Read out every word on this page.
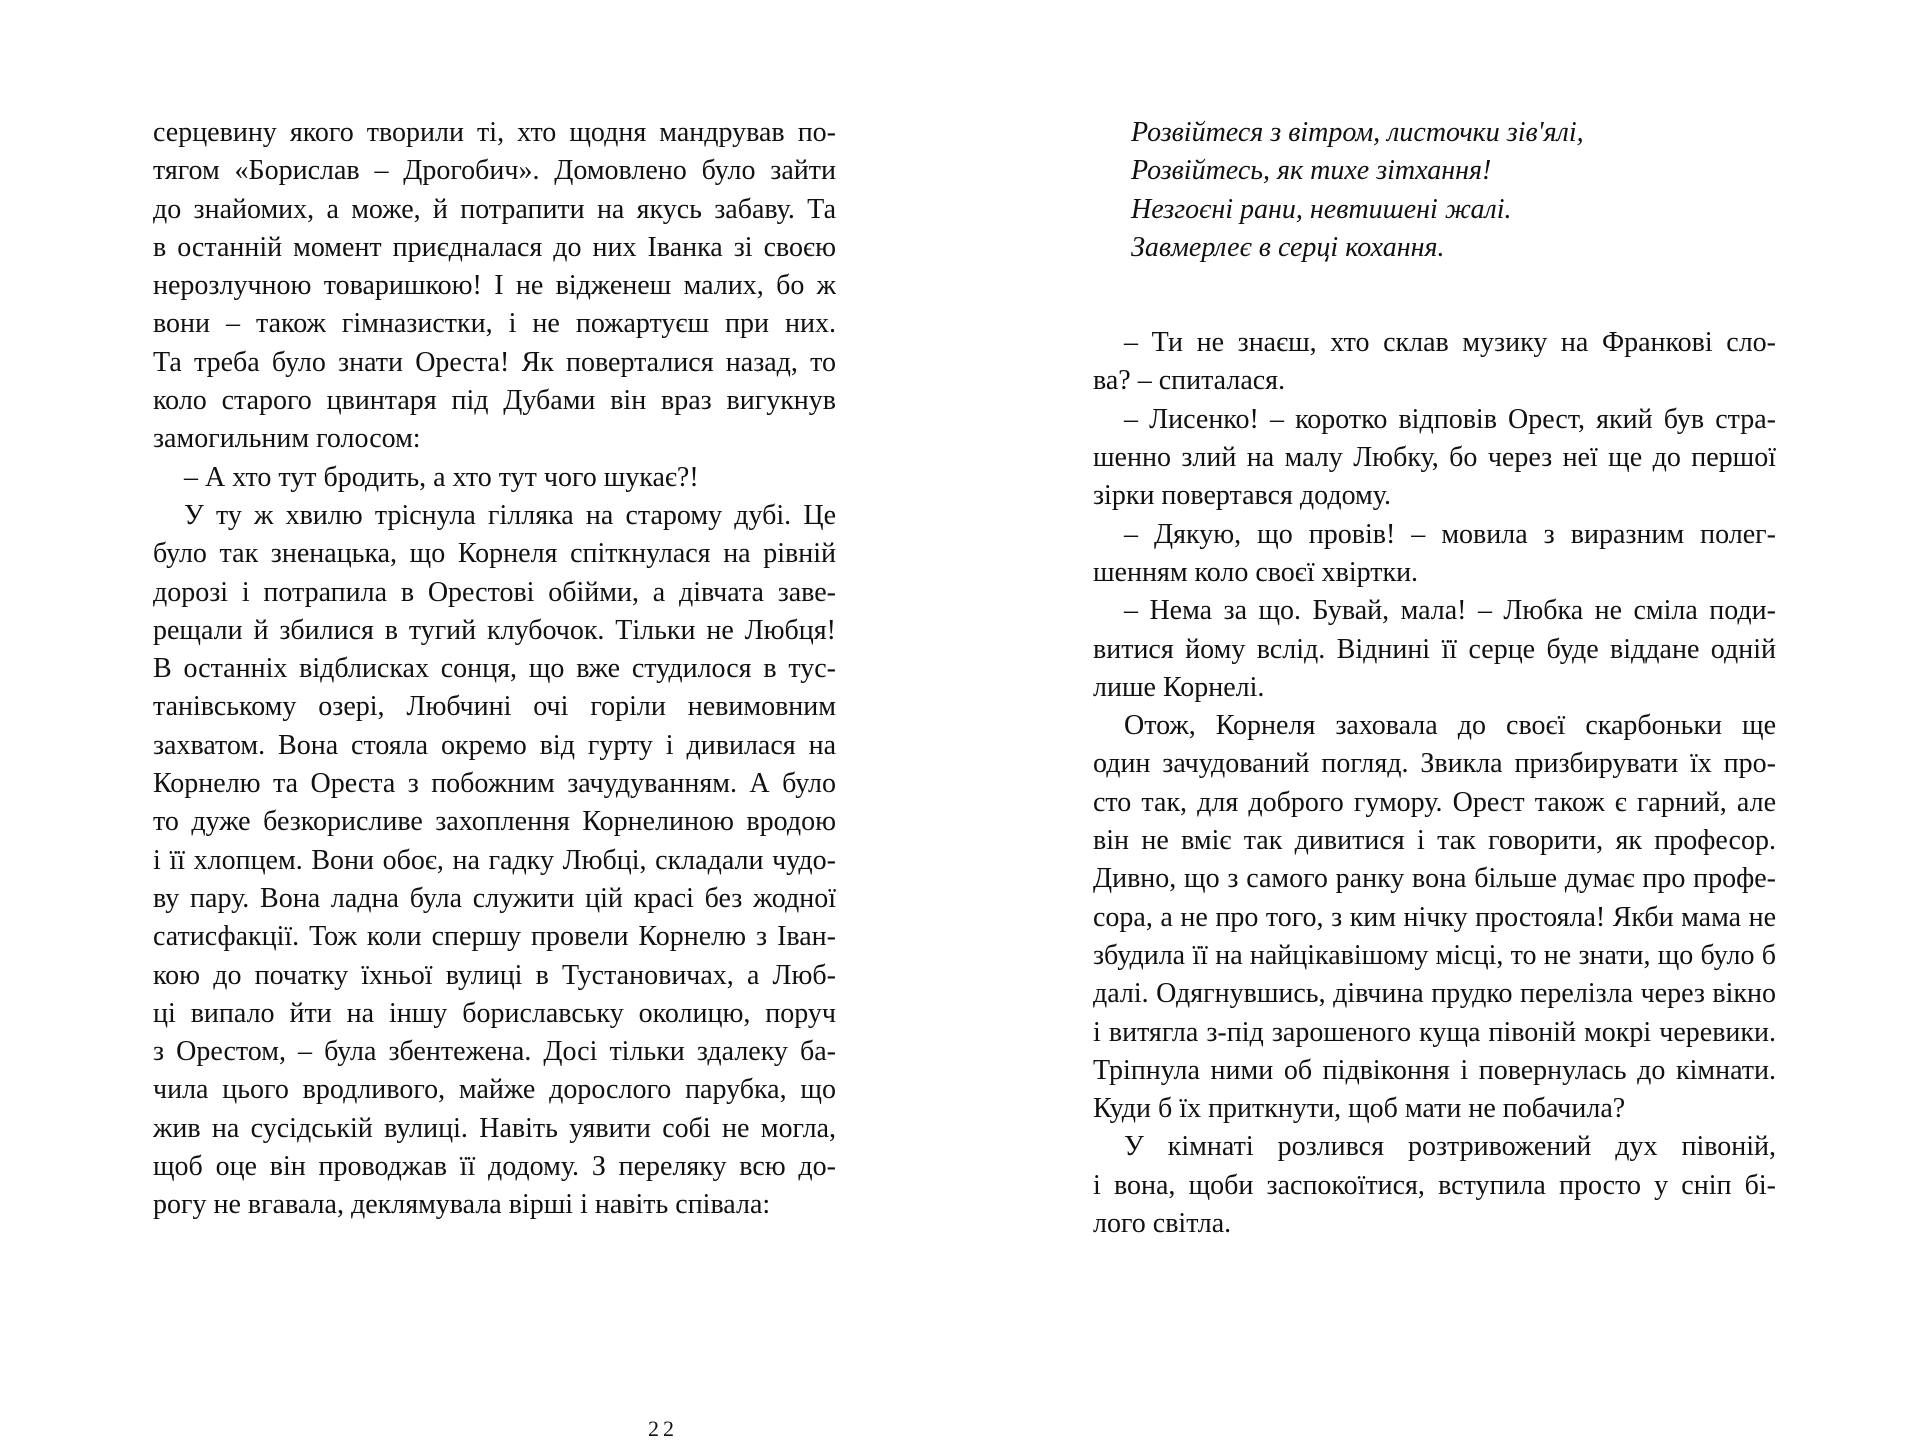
серцевину якого творили ті, хто щодня мандрував по-
тягом «Борислав – Дрогобич». Домовлено було зайти
до знайомих, а може, й потрапити на якусь забаву. Та
в останній момент приєдналася до них Іванка зі своєю
нерозлучною товаришкою! І не відженеш малих, бо ж
вони – також гімназистки, і не пожартуєш при них.
Та треба було знати Ореста! Як поверталися назад, то
коло старого цвинтаря під Дубами він враз вигукнув
замогильним голосом:
– А хто тут бродить, а хто тут чого шукає?!
У ту ж хвилю тріснула гілляка на старому дубі. Це
було так зненацька, що Корнеля спіткнулася на рівній
дорозі і потрапила в Орестові обійми, а дівчата заве-
рещали й збилися в тугий клубочок. Тільки не Любця!
В останніх відблисках сонця, що вже студилося в тус-
танівському озері, Любчині очі горіли невимовним
захватом. Вона стояла окремо від гурту і дивилася на
Корнелю та Ореста з побожним зачудуванням. А було
то дуже безкорисливе захоплення Корнелиною вродою
і її хлопцем. Вони обоє, на гадку Любці, складали чудо-
ву пару. Вона ладна була служити цій красі без жодної
сатисфакції. Тож коли спершу провели Корнелю з Іван-
кою до початку їхньої вулиці в Тустановичах, а Люб-
ці випало йти на іншу бориславську околицю, поруч
з Орестом, – була збентежена. Досі тільки здалеку ба-
чила цього вродливого, майже дорослого парубка, що
жив на сусідській вулиці. Навіть уявити собі не могла,
щоб оце він проводжав її додому. З переляку всю до-
рогу не вгавала, деклямувала вірші і навіть співала:
22
Розвійтеся з вітром, листочки зів'ялі,
Розвійтесь, як тихе зітхання!
Незгоєні рани, невтишені жалі.
Завмерлеє в серці кохання.
– Ти не знаєш, хто склав музику на Франкові сло-
ва? – спиталася.
– Лисенко! – коротко відповів Орест, який був стра-
шенно злий на малу Любку, бо через неї ще до першої
зірки повертався додому.
– Дякую, що провів! – мовила з виразним полег-
шенням коло своєї хвіртки.
– Нема за що. Бувай, мала! – Любка не сміла поди-
витися йому вслід. Віднині її серце буде віддане одній
лише Корнелі.
Отож, Корнеля заховала до своєї скарбоньки ще
один зачудований погляд. Звикла призбирувати їх про-
сто так, для доброго гумору. Орест також є гарний, але
він не вміє так дивитися і так говорити, як професор.
Дивно, що з самого ранку вона більше думає про профе-
сора, а не про того, з ким нічку простояла! Якби мама не
збудила її на найцікавішому місці, то не знати, що було б
далі. Одягнувшись, дівчина прудко перелізла через вікно
і витягла з-під зарошеного куща півоній мокрі черевики.
Тріпнула ними об підвіконня і повернулась до кімнати.
Куди б їх приткнути, щоб мати не побачила?
У кімнаті розлився розтривожений дух півоній,
і вона, щоби заспокоїтися, вступила просто у сніп бі-
лого світла.
